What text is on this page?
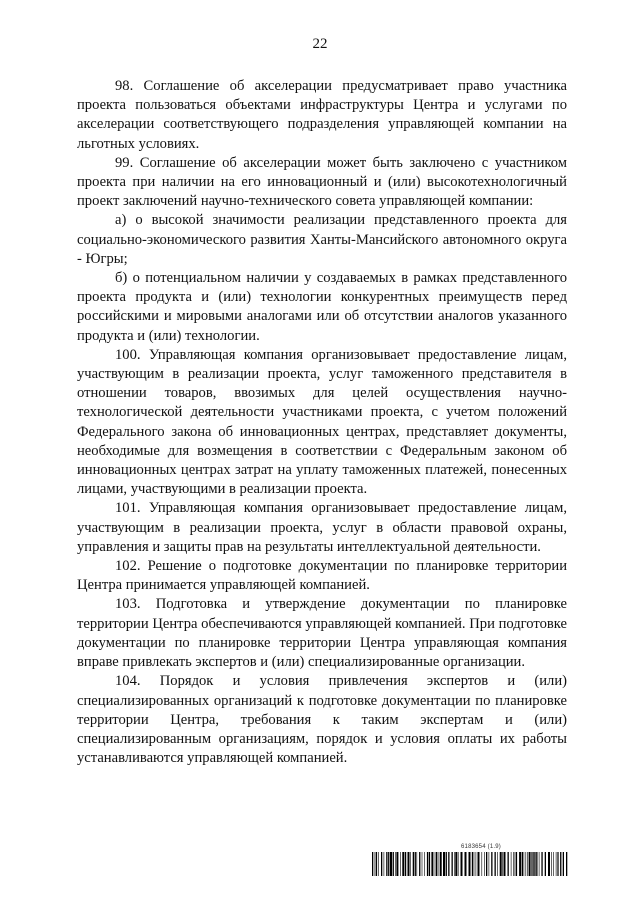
22

98. Соглашение об акселерации предусматривает право участника проекта пользоваться объектами инфраструктуры Центра и услугами по акселерации соответствующего подразделения управляющей компании на льготных условиях.

99. Соглашение об акселерации может быть заключено с участником проекта при наличии на его инновационный и (или) высокотехнологичный проект заключений научно-технического совета управляющей компании:

а) о высокой значимости реализации представленного проекта для социально-экономического развития Ханты-Мансийского автономного округа - Югры;

б) о потенциальном наличии у создаваемых в рамках представленного проекта продукта и (или) технологии конкурентных преимуществ перед российскими и мировыми аналогами или об отсутствии аналогов указанного продукта и (или) технологии.

100. Управляющая компания организовывает предоставление лицам, участвующим в реализации проекта, услуг таможенного представителя в отношении товаров, ввозимых для целей осуществления научно-технологической деятельности участниками проекта, с учетом положений Федерального закона об инновационных центрах, представляет документы, необходимые для возмещения в соответствии с Федеральным законом об инновационных центрах затрат на уплату таможенных платежей, понесенных лицами, участвующими в реализации проекта.

101. Управляющая компания организовывает предоставление лицам, участвующим в реализации проекта, услуг в области правовой охраны, управления и защиты прав на результаты интеллектуальной деятельности.

102. Решение о подготовке документации по планировке территории Центра принимается управляющей компанией.

103. Подготовка и утверждение документации по планировке территории Центра обеспечиваются управляющей компанией. При подготовке документации по планировке территории Центра управляющая компания вправе привлекать экспертов и (или) специализированные организации.

104. Порядок и условия привлечения экспертов и (или) специализированных организаций к подготовке документации по планировке территории Центра, требования к таким экспертам и (или) специализированным организациям, порядок и условия оплаты их работы устанавливаются управляющей компанией.

6183654 (1.9)
